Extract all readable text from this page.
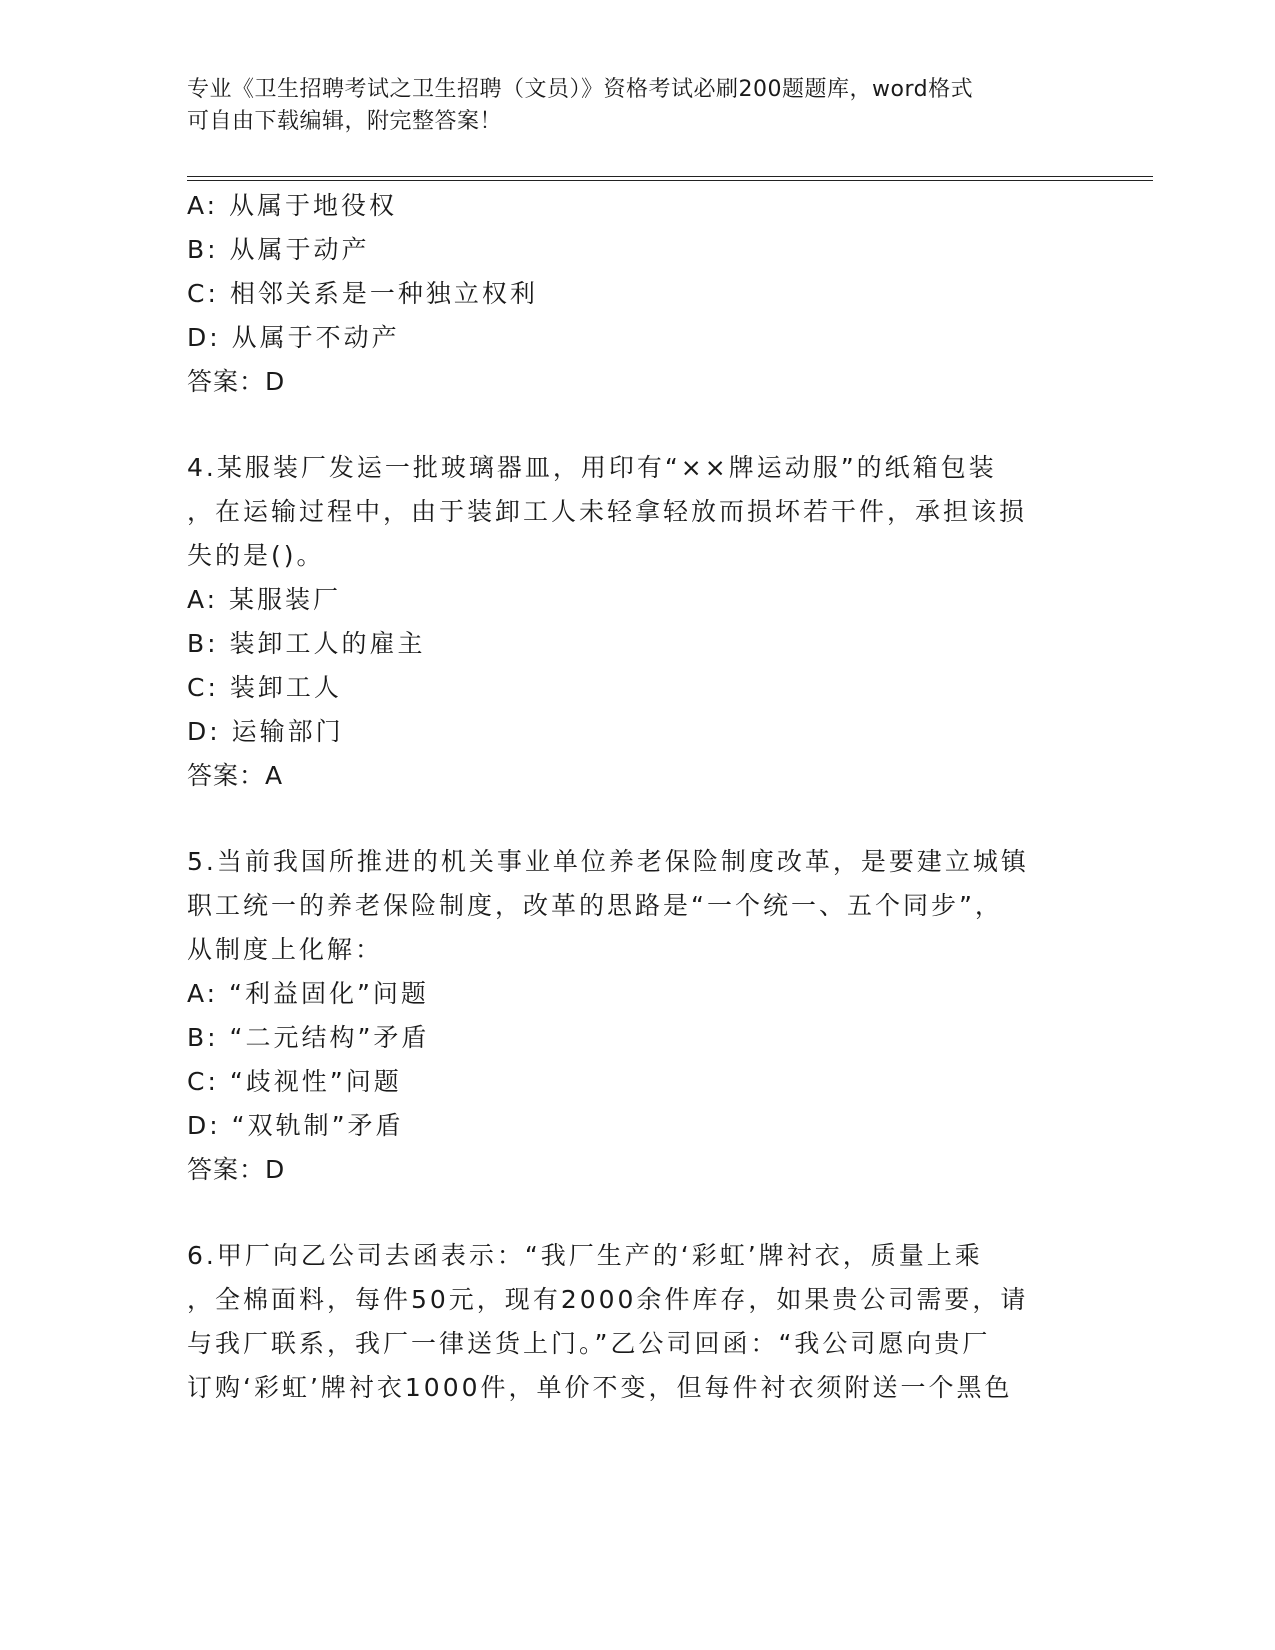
专业《卫生招聘考试之卫生招聘（文员）》资格考试必刷200题题库，word格式
可自由下载编辑，附完整答案！
A: 从属于地役权
B: 从属于动产
C: 相邻关系是一种独立权利
D: 从属于不动产
答案：D
4.某服装厂发运一批玻璃器皿，用印有“××牌运动服”的纸箱包装
，在运输过程中，由于装卸工人未轻拿轻放而损坏若干件，承担该损
失的是()。
A: 某服装厂
B: 装卸工人的雇主
C: 装卸工人
D: 运输部门
答案：A
5.当前我国所推进的机关事业单位养老保险制度改革，是要建立城镇
职工统一的养老保险制度，改革的思路是“一个统一、五个同步”，
从制度上化解：
A: “利益固化”问题
B: “二元结构”矛盾
C: “歧视性”问题
D: “双轨制”矛盾
答案：D
6.甲厂向乙公司去函表示：“我厂生产的‘彩虹’牌衬衣，质量上乘
，全棉面料，每件50元，现有2000余件库存，如果贵公司需要，请
与我厂联系，我厂一律送货上门。”乙公司回函：“我公司愿向贵厂
订购‘彩虹’牌衬衣1000件，单价不变，但每件衬衣须附送一个黑色
